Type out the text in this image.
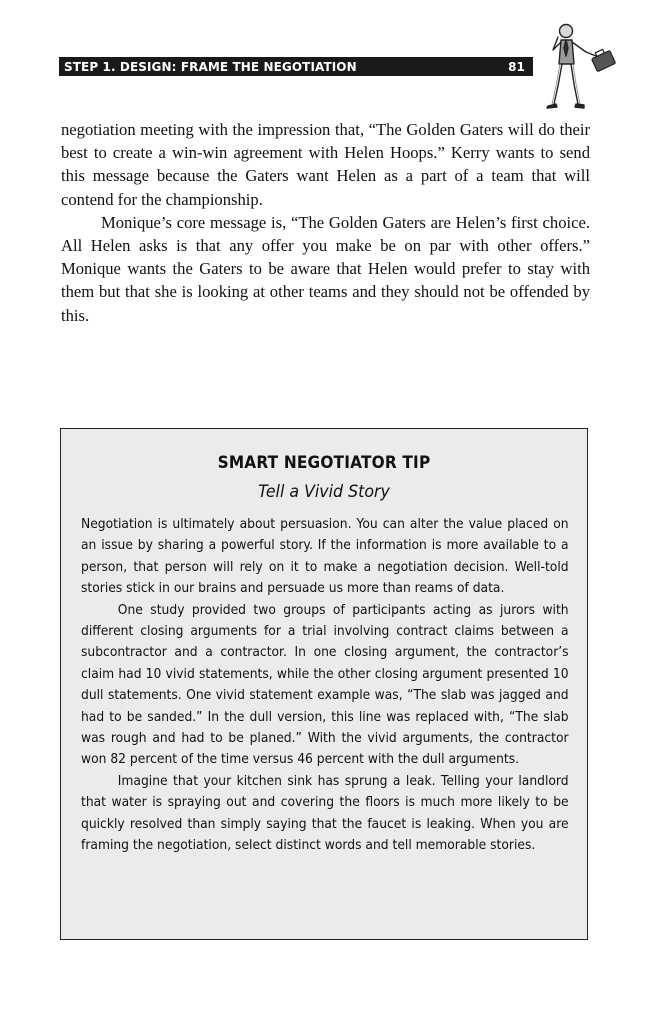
STEP 1. DESIGN: FRAME THE NEGOTIATION	81

negotiation meeting with the impression that, “The Golden Gaters will do their best to create a win-win agreement with Helen Hoops.” Kerry wants to send this message because the Gaters want Helen as a part of a team that will contend for the championship.

Monique’s core message is, “The Golden Gaters are Helen’s first choice. All Helen asks is that any offer you make be on par with other offers.” Monique wants the Gaters to be aware that Helen would prefer to stay with them but that she is looking at other teams and they should not be offended by this.

SMART NEGOTIATOR TIP
Tell a Vivid Story

Negotiation is ultimately about persuasion. You can alter the value placed on an issue by sharing a powerful story. If the information is more available to a person, that person will rely on it to make a negotiation decision. Well-told stories stick in our brains and persuade us more than reams of data.

One study provided two groups of participants acting as jurors with different closing arguments for a trial involving contract claims between a subcontractor and a contractor. In one closing argument, the contractor’s claim had 10 vivid statements, while the other closing argument presented 10 dull statements. One vivid statement example was, “The slab was jagged and had to be sanded.” In the dull version, this line was replaced with, “The slab was rough and had to be planed.” With the vivid arguments, the contractor won 82 percent of the time versus 46 percent with the dull arguments.

Imagine that your kitchen sink has sprung a leak. Telling your landlord that water is spraying out and covering the floors is much more likely to be quickly resolved than simply saying that the faucet is leaking. When you are framing the negotiation, select distinct words and tell memorable stories.
